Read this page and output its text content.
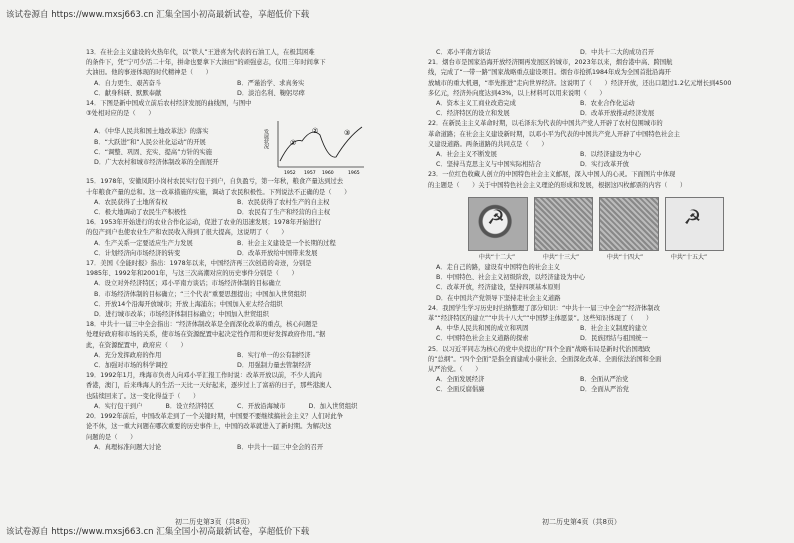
该试卷源自 https://www.mxsj663.cn 汇集全国小初高最新试卷，享超低价下载
13．在社会主义建设的火热年代，以“铁人”王进喜为代表的石油工人，在极其困难
的条件下，凭“宁可少活二十年，拼命也要拿下大油田”的顽强意志，仅用三年时间拿下
大油田。他的事迹体现的时代精神是（　　）
A．自力更生、艰苦奋斗	B．严谨治学、求真务实
C．献身科研、默默奉献	D．淡泊名利、鞠躬尽瘁
14．下图是新中国成立前后农村经济发展的曲线图，与图中
③处相对应的是（　　）
A．《中华人民共和国土地改革法》的落实
B．“大跃进”和“人民公社化运动”的开展
C．“调整、巩固、充实、提高”方针的实施
D．广大农村和城市经济体制改革的全面展开
①
②	③
发展状况
1952 1957 1960	1965
15．1978年，安徽凤阳小岗村农民实行包干到户，自负盈亏，第一年秋，粮食产量达到过去
十年粮食产量的总和。这一改革措施的实施，调动了农民积极性。下列说法不正确的是（　　）
A．农民获得了土地所有权	B．农民获得了农村生产的自主权
C．极大地调动了农民生产积极性	D．农民有了生产和经营的自主权
16．1953年开始进行的农业合作化运动，促进了农业的迅速发展；1978年开始进行
的包产到户也使农业生产和农民收入得到了很大提高，这说明了（　　）
A．生产关系一定要适应生产力发展	B．社会主义建设是一个长期的过程
C．计划经济向市场经济的转变	D．改革开放给中国带来发展
17．美国《全能时报》指出：1978年以来，中国经济再三次创造的奇迹，分别是
1985年、1992年和2001年，与这三次高潮对应的历史事件分别是（　　）
A．设立对外经济特区；邓小平南方谈话；市场经济体制的目标确立
B．市场经济体制的目标确立；“三个代表”重要思想提出；中国加入世贸组织
C．开放14个沿海开放城市；开放上海浦东；中国加入亚太经合组织
D．进行城市改革；市场经济体制目标确立；中国加入世贸组织
18．中共十一届三中全会指出：“经济体制改革是全面深化改革的重点，核心问题是
处理好政府和市场的关系，使市场在资源配置中起决定性作用和更好发挥政府作用。”据
此，在资源配置中，政府应（　　）
A．充分发挥政府的作用	B．实行单一的公有制经济
C．加强对市场的科学调控	D．用强制力量去管制经济
19．1992年1月，珠海市负责人向邓小平汇报工作时说：改革开放以前，不少人流向
香港，澳门，后来珠海人的生活一天比一天好起来，逐步过上了富裕的日子，那些港澳人
也陆续回来了。这一变化得益于（　　）
A．实行包干到户	B．设立经济特区	C．开放沿海城市	D．加入世贸组织
20．1992年前后，中国改革走到了一个关键时期，中国要不要继续搞社会主义？人们对此争
论不休，这一重大问题在哪次重要的历史事件上，中国的改革就进入了新时期。为解决这
问题的是（　　）
A．真理标准问题大讨论	B．中共十一届三中全会的召开
C．邓小平南方谈话	D．中共十二大的成功召开
21．烟台市是国家沿海开放经济圈再发展区的城市，2023年以来，烟台港中高、跨国航
线，完成了“一带一路”国家战略重点建设项目。烟台市抢抓1984年成为全国首批沿海开
放城市的重大机遇，“率先推进”走向世界经济。这说明了（　　）经济开放，还出口超过1.2亿元增长到4500
多亿元，经济外向度达到43%，以上材料可以用来说明（　　）
A．资本主义工商业改造完成	B．农业合作化运动
C．经济特区的设立和发展	D．改革开放推动经济发展
22．在新民主主义革命时期，以毛泽东为代表的中国共产党人开辟了农村包围城市的
革命道路；在社会主义建设新时期，以邓小平为代表的中国共产党人开辟了中国特色社会主
义建设道路。两条道路的共同点是（　　）
A．社会主义不断发展	B．以经济建设为中心
C．坚持马克思主义与中国实际相结合	D．实行改革开放
23．一位红色收藏人创立的中国特色社会主义邮展，深入中国人的心灵。下面图片中体现
的主题是（　　）关于中国特色社会主义理论的形成和发展，根据这四枚邮票的内容（　　）
☭	☭
中共“十二大”	中共“十三大”	中共“十四大”	中共“十五大”
A．走自己的路，建设有中国特色的社会主义
B．中国特色、社会主义初级阶段，以经济建设为中心
C．改革开放，经济建设，坚持四项基本原则
D．在中国共产党领导下坚持走社会主义道路
24．我国学生学习历史时归纳整理了部分知识：“中共十一届三中全会”“经济体制改
革”“经济特区的建立”“中共十八大”“中国梦主体愿景”。这些知识体现了（　　）
A．中华人民共和国的成立和巩固	B．社会主义制度的建立
C．中国特色社会主义道路的探索	D．民族团结与祖国统一
25．以习近平同志为核心的党中央提出的“四个全面”战略布局是新时代治国理政
的“总纲”。“四个全面”是指全面建成小康社会、全面深化改革、全面依法治国和全面
从严治党。（　　）
A．全面发展经济	B．全面从严治党
C．全面反腐倡廉	D．全面从严治党
初二历史第3页（共8页）	初二历史第4页（共8页）
该试卷源自 https://www.mxsj663.cn 汇集全国小初高最新试卷，享超低价下载
